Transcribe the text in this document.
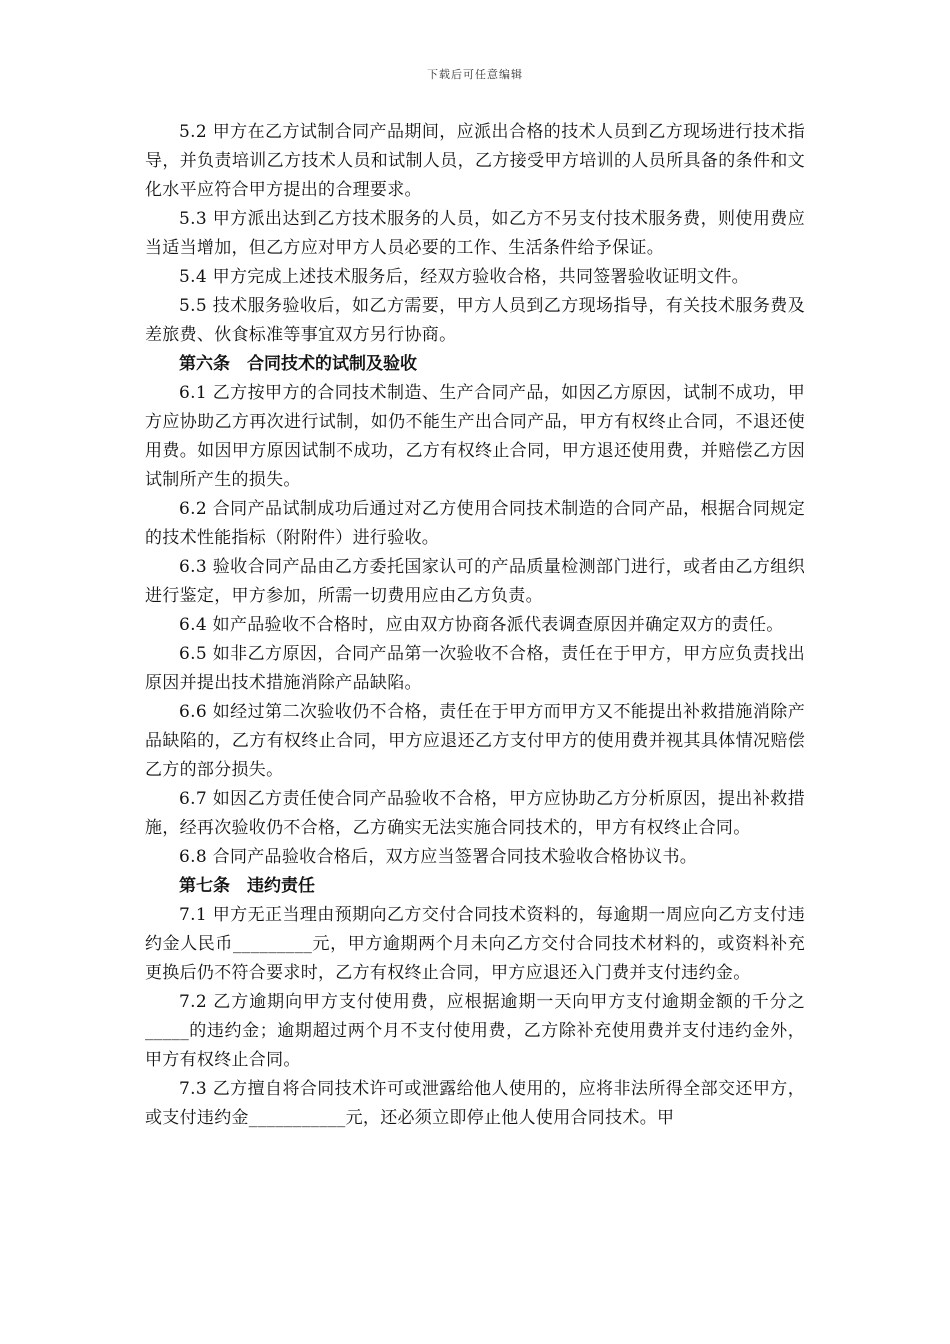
下载后可任意编辑

5.2 甲方在乙方试制合同产品期间，应派出合格的技术人员到乙方现场进行技术指导，并负责培训乙方技术人员和试制人员，乙方接受甲方培训的人员所具备的条件和文化水平应符合甲方提出的合理要求。

5.3 甲方派出达到乙方技术服务的人员，如乙方不另支付技术服务费，则使用费应当适当增加，但乙方应对甲方人员必要的工作、生活条件给予保证。

5.4 甲方完成上述技术服务后，经双方验收合格，共同签署验收证明文件。

5.5 技术服务验收后，如乙方需要，甲方人员到乙方现场指导，有关技术服务费及差旅费、伙食标准等事宜双方另行协商。

第六条　合同技术的试制及验收

6.1 乙方按甲方的合同技术制造、生产合同产品，如因乙方原因，试制不成功，甲方应协助乙方再次进行试制，如仍不能生产出合同产品，甲方有权终止合同，不退还使用费。如因甲方原因试制不成功，乙方有权终止合同，甲方退还使用费，并赔偿乙方因试制所产生的损失。

6.2 合同产品试制成功后通过对乙方使用合同技术制造的合同产品，根据合同规定的技术性能指标（附附件）进行验收。

6.3 验收合同产品由乙方委托国家认可的产品质量检测部门进行，或者由乙方组织进行鉴定，甲方参加，所需一切费用应由乙方负责。

6.4 如产品验收不合格时，应由双方协商各派代表调查原因并确定双方的责任。

6.5 如非乙方原因，合同产品第一次验收不合格，责任在于甲方，甲方应负责找出原因并提出技术措施消除产品缺陷。

6.6 如经过第二次验收仍不合格，责任在于甲方而甲方又不能提出补救措施消除产品缺陷的，乙方有权终止合同，甲方应退还乙方支付甲方的使用费并视其具体情况赔偿乙方的部分损失。

6.7 如因乙方责任使合同产品验收不合格，甲方应协助乙方分析原因，提出补救措施，经再次验收仍不合格，乙方确实无法实施合同技术的，甲方有权终止合同。

6.8 合同产品验收合格后，双方应当签署合同技术验收合格协议书。

第七条　违约责任

7.1 甲方无正当理由预期向乙方交付合同技术资料的，每逾期一周应向乙方支付违约金人民币_________元，甲方逾期两个月未向乙方交付合同技术材料的，或资料补充更换后仍不符合要求时，乙方有权终止合同，甲方应退还入门费并支付违约金。

7.2 乙方逾期向甲方支付使用费，应根据逾期一天向甲方支付逾期金额的千分之_____的违约金；逾期超过两个月不支付使用费，乙方除补充使用费并支付违约金外，甲方有权终止合同。

7.3 乙方擅自将合同技术许可或泄露给他人使用的，应将非法所得全部交还甲方，或支付违约金___________元，还必须立即停止他人使用合同技术。甲
